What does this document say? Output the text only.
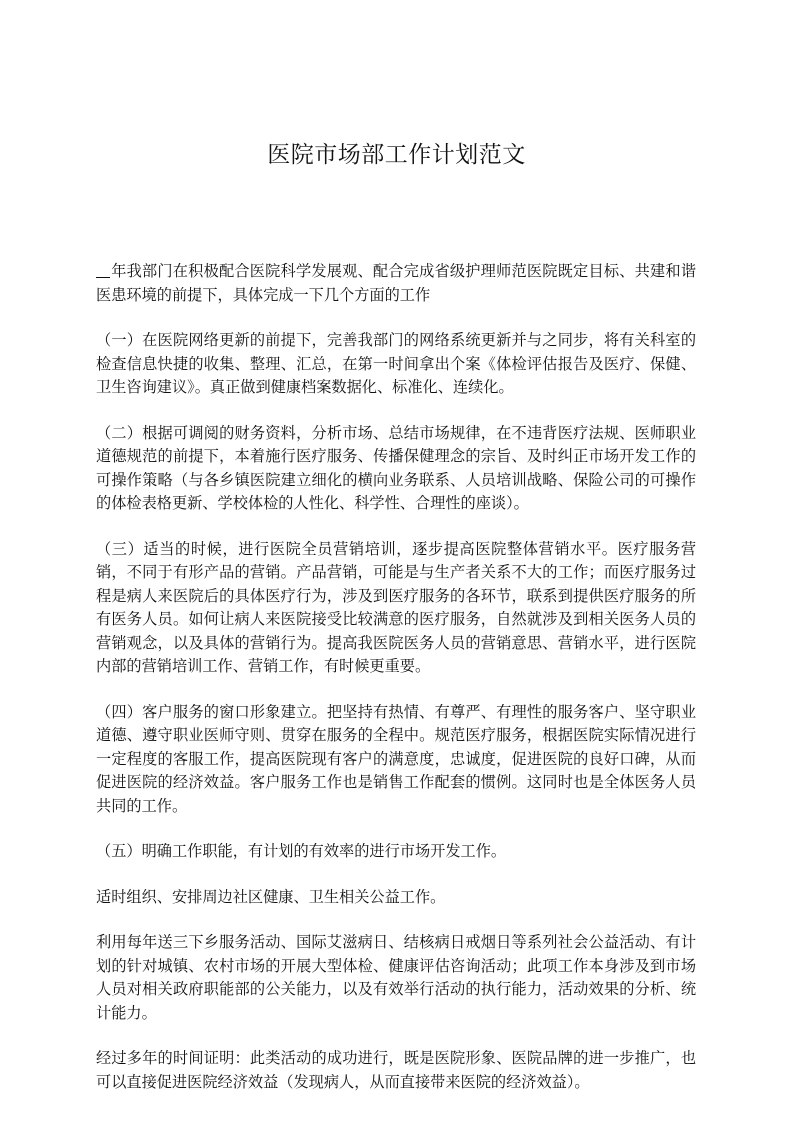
医院市场部工作计划范文

年我部门在积极配合医院科学发展观、配合完成省级护理师范医院既定目标、共建和谐医患环境的前提下，具体完成一下几个方面的工作

（一）在医院网络更新的前提下，完善我部门的网络系统更新并与之同步，将有关科室的检查信息快捷的收集、整理、汇总，在第一时间拿出个案《体检评估报告及医疗、保健、卫生咨询建议》。真正做到健康档案数据化、标准化、连续化。

（二）根据可调阅的财务资料，分析市场、总结市场规律，在不违背医疗法规、医师职业道德规范的前提下，本着施行医疗服务、传播保健理念的宗旨、及时纠正市场开发工作的可操作策略（与各乡镇医院建立细化的横向业务联系、人员培训战略、保险公司的可操作的体检表格更新、学校体检的人性化、科学性、合理性的座谈）。

（三）适当的时候，进行医院全员营销培训，逐步提高医院整体营销水平。医疗服务营销，不同于有形产品的营销。产品营销，可能是与生产者关系不大的工作；而医疗服务过程是病人来医院后的具体医疗行为，涉及到医疗服务的各环节，联系到提供医疗服务的所有医务人员。如何让病人来医院接受比较满意的医疗服务，自然就涉及到相关医务人员的营销观念，以及具体的营销行为。提高我医院医务人员的营销意思、营销水平，进行医院内部的营销培训工作、营销工作，有时候更重要。

（四）客户服务的窗口形象建立。把坚持有热情、有尊严、有理性的服务客户、坚守职业道德、遵守职业医师守则、贯穿在服务的全程中。规范医疗服务，根据医院实际情况进行一定程度的客服工作，提高医院现有客户的满意度，忠诚度，促进医院的良好口碑，从而促进医院的经济效益。客户服务工作也是销售工作配套的惯例。这同时也是全体医务人员共同的工作。

（五）明确工作职能，有计划的有效率的进行市场开发工作。

适时组织、安排周边社区健康、卫生相关公益工作。

利用每年送三下乡服务活动、国际艾滋病日、结核病日戒烟日等系列社会公益活动、有计划的针对城镇、农村市场的开展大型体检、健康评估咨询活动；此项工作本身涉及到市场人员对相关政府职能部的公关能力，以及有效举行活动的执行能力，活动效果的分析、统计能力。

经过多年的时间证明：此类活动的成功进行，既是医院形象、医院品牌的进一步推广，也可以直接促进医院经济效益（发现病人，从而直接带来医院的经济效益）。
